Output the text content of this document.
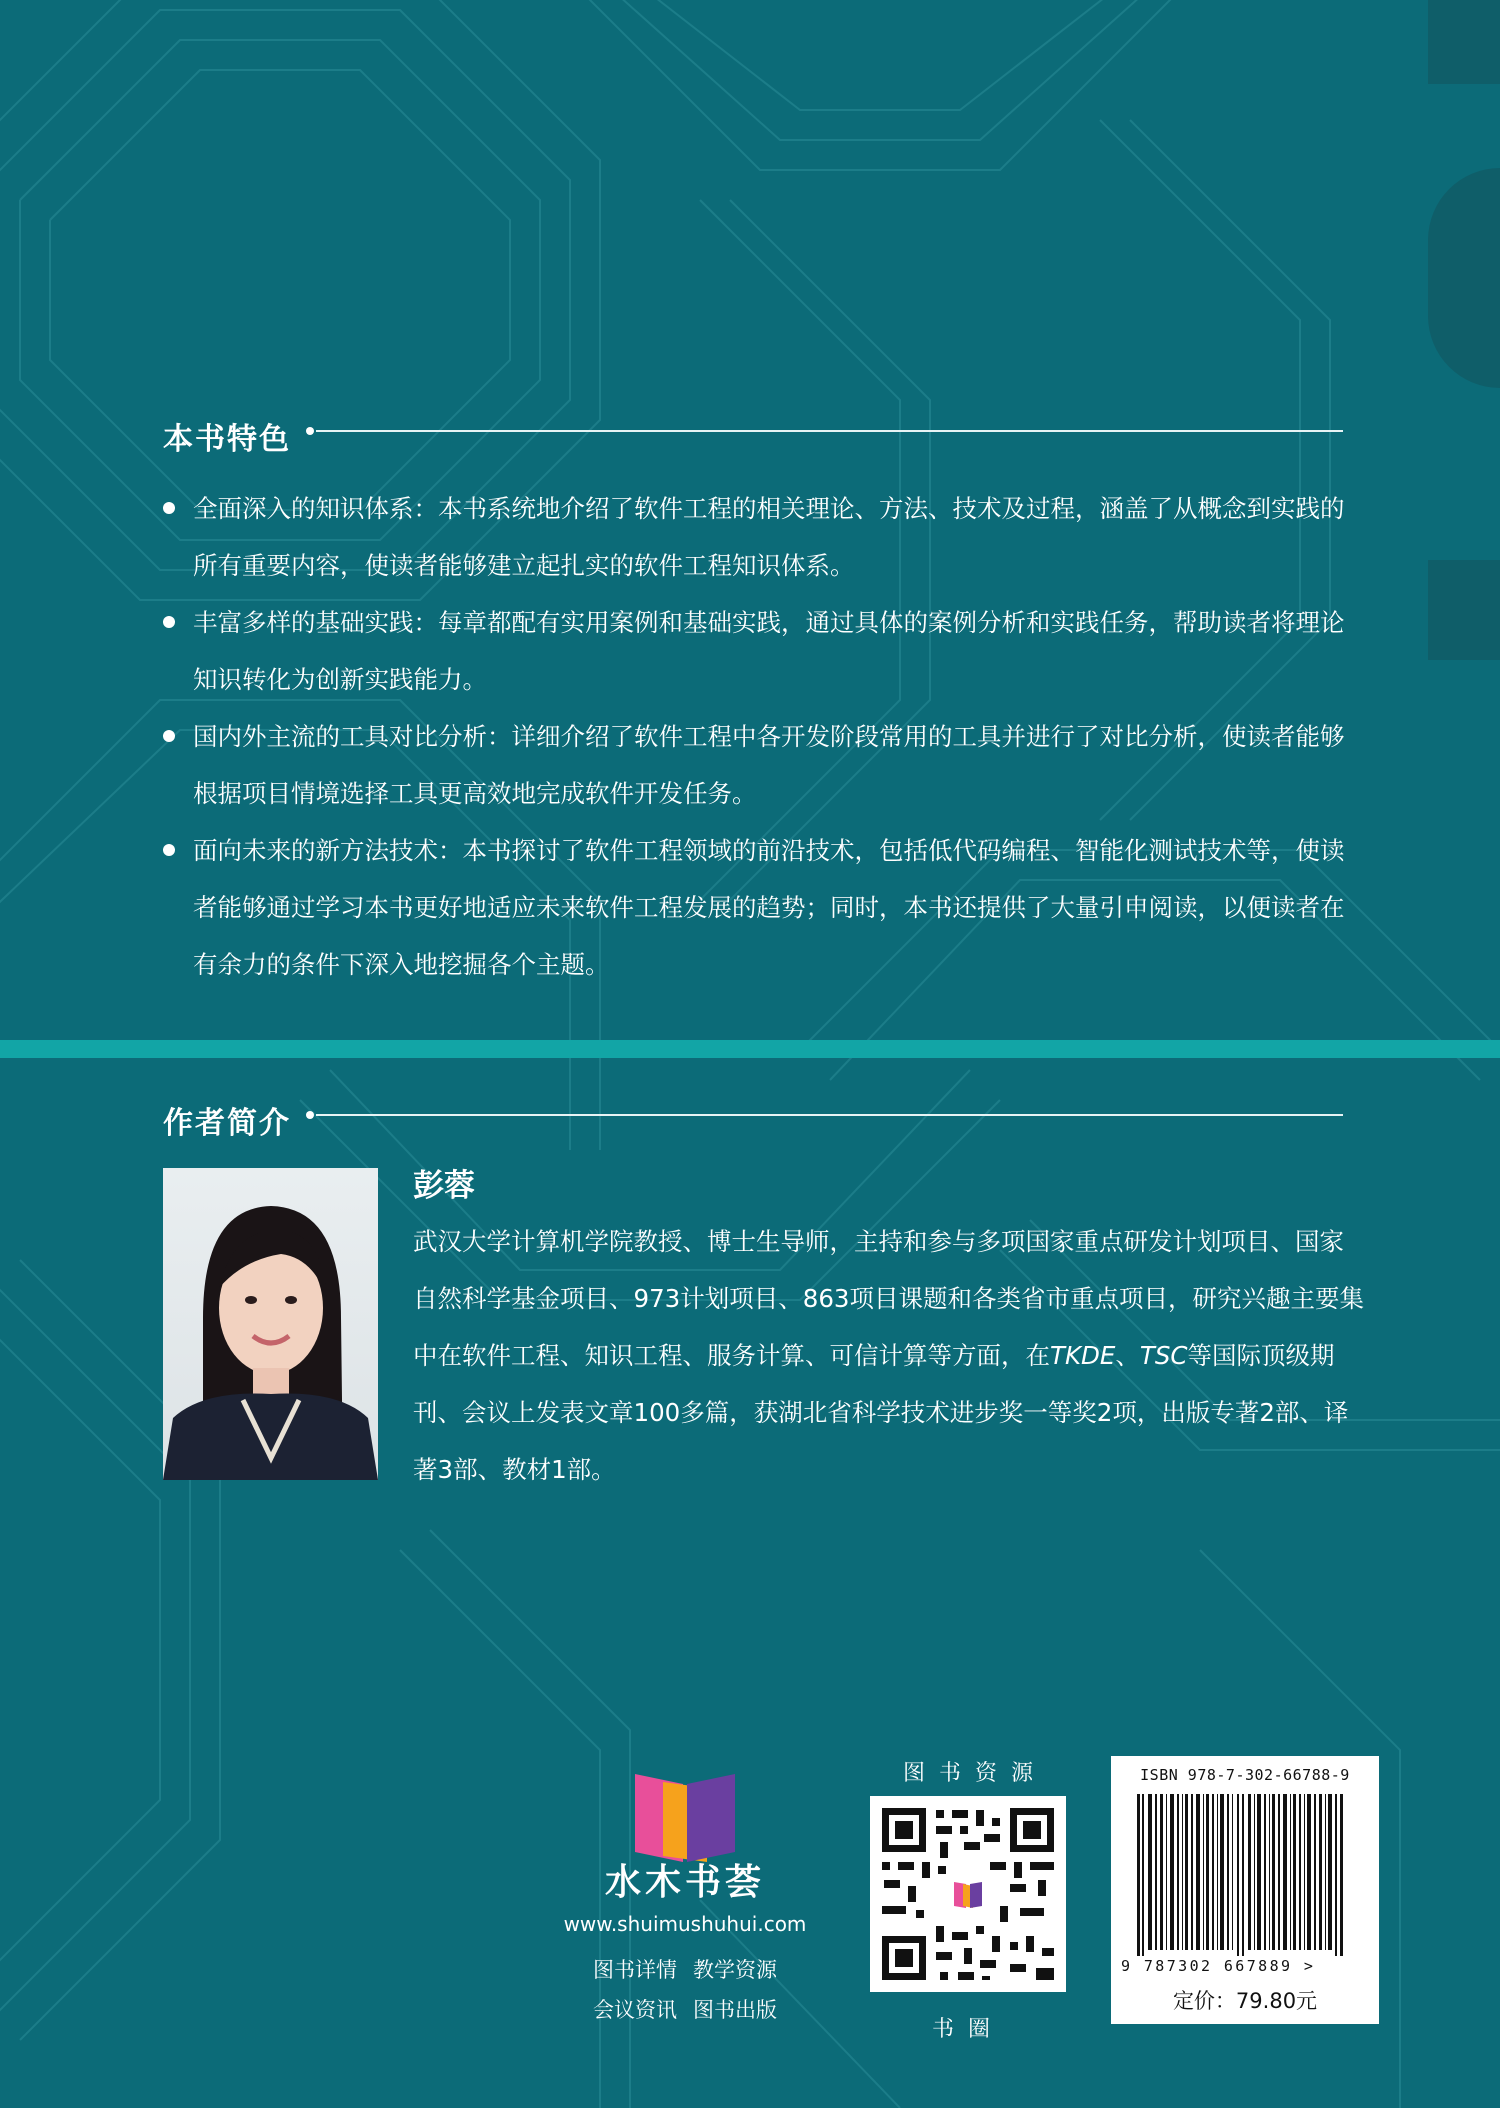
本书特色

全面深入的知识体系：本书系统地介绍了软件工程的相关理论、方法、技术及过程，涵盖了从概念到实践的所有重要内容，使读者能够建立起扎实的软件工程知识体系。

丰富多样的基础实践：每章都配有实用案例和基础实践，通过具体的案例分析和实践任务，帮助读者将理论知识转化为创新实践能力。

国内外主流的工具对比分析：详细介绍了软件工程中各开发阶段常用的工具并进行了对比分析，使读者能够根据项目情境选择工具更高效地完成软件开发任务。

面向未来的新方法技术：本书探讨了软件工程领域的前沿技术，包括低代码编程、智能化测试技术等，使读者能够通过学习本书更好地适应未来软件工程发展的趋势；同时，本书还提供了大量引申阅读，以便读者在有余力的条件下深入地挖掘各个主题。

作者简介
彭蓉
武汉大学计算机学院教授、博士生导师，主持和参与多项国家重点研发计划项目、国家自然科学基金项目、973计划项目、863项目课题和各类省市重点项目，研究兴趣主要集中在软件工程、知识工程、服务计算、可信计算等方面，在TKDE、TSC等国际顶级期刊、会议上发表文章100多篇，获湖北省科学技术进步奖一等奖2项，出版专著2部、译著3部、教材1部。
水木书荟
www.shuimushuhui.com
图书详情 教学资源
会议资讯 图书出版
图书资源
书圈
ISBN 978-7-302-66788-9
9 787302 667889 >
定价：79.80元
